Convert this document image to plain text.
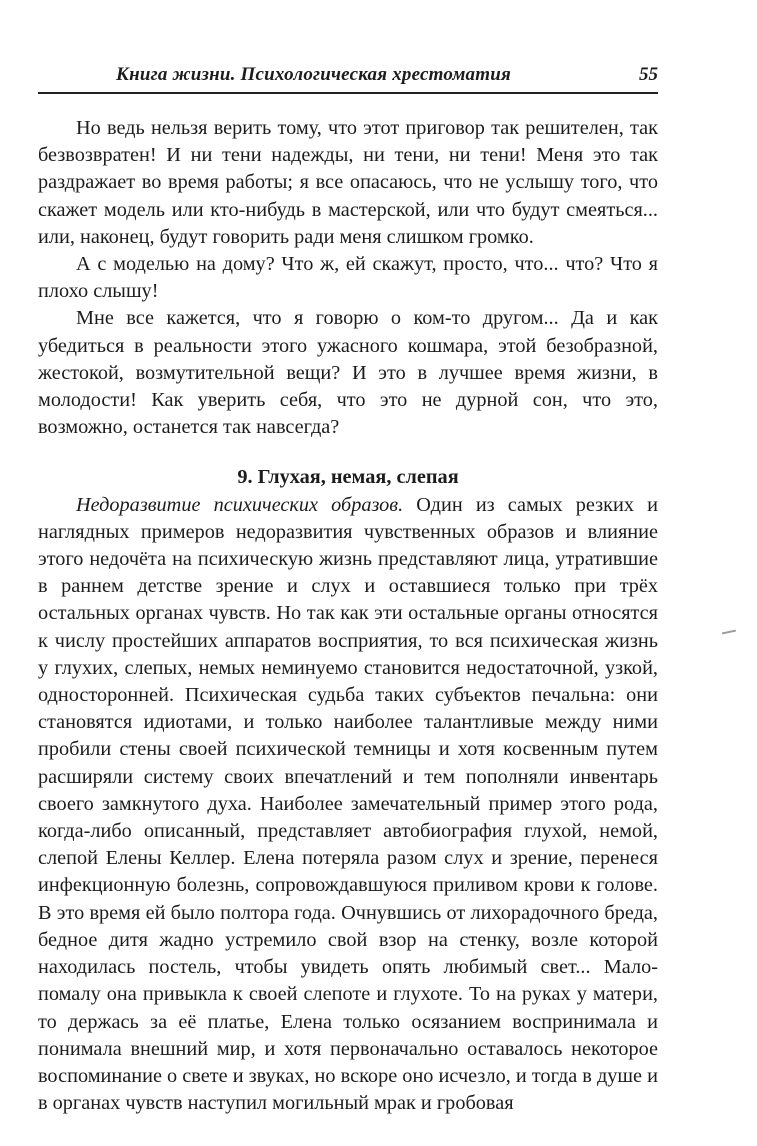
Книга жизни. Психологическая хрестоматия	55

Но ведь нельзя верить тому, что этот приговор так решителен, так безвозвратен! И ни тени надежды, ни тени, ни тени! Меня это так раздражает во время работы; я все опасаюсь, что не услышу того, что скажет модель или кто-нибудь в мастерской, или что будут смеяться... или, наконец, будут говорить ради меня слишком громко.

А с моделью на дому? Что ж, ей скажут, просто, что... что? Что я плохо слышу!

Мне все кажется, что я говорю о ком-то другом... Да и как убедиться в реальности этого ужасного кошмара, этой безобразной, жестокой, возмутительной вещи? И это в лучшее время жизни, в молодости! Как уверить себя, что это не дурной сон, что это, возможно, останется так навсегда?

9. Глухая, немая, слепая

Недоразвитие психических образов. Один из самых резких и наглядных примеров недоразвития чувственных образов и влияние этого недочёта на психическую жизнь представляют лица, утратившие в раннем детстве зрение и слух и оставшиеся только при трёх остальных органах чувств. Но так как эти остальные органы относятся к числу простейших аппаратов восприятия, то вся психическая жизнь у глухих, слепых, немых неминуемо становится недостаточной, узкой, односторонней. Психическая судьба таких субъектов печальна: они становятся идиотами, и только наиболее талантливые между ними пробили стены своей психической темницы и хотя косвенным путем расширяли систему своих впечатлений и тем пополняли инвентарь своего замкнутого духа. Наиболее замечательный пример этого рода, когда-либо описанный, представляет автобиография глухой, немой, слепой Елены Келлер. Елена потеряла разом слух и зрение, перенеся инфекционную болезнь, сопровождавшуюся приливом крови к голове. В это время ей было полтора года. Очнувшись от лихорадочного бреда, бедное дитя жадно устремило свой взор на стенку, возле которой находилась постель, чтобы увидеть опять любимый свет... Мало-помалу она привыкла к своей слепоте и глухоте. То на руках у матери, то держась за её платье, Елена только осязанием воспринимала и понимала внешний мир, и хотя первоначально оставалось некоторое воспоминание о свете и звуках, но вскоре оно исчезло, и тогда в душе и в органах чувств наступил могильный мрак и гробовая
